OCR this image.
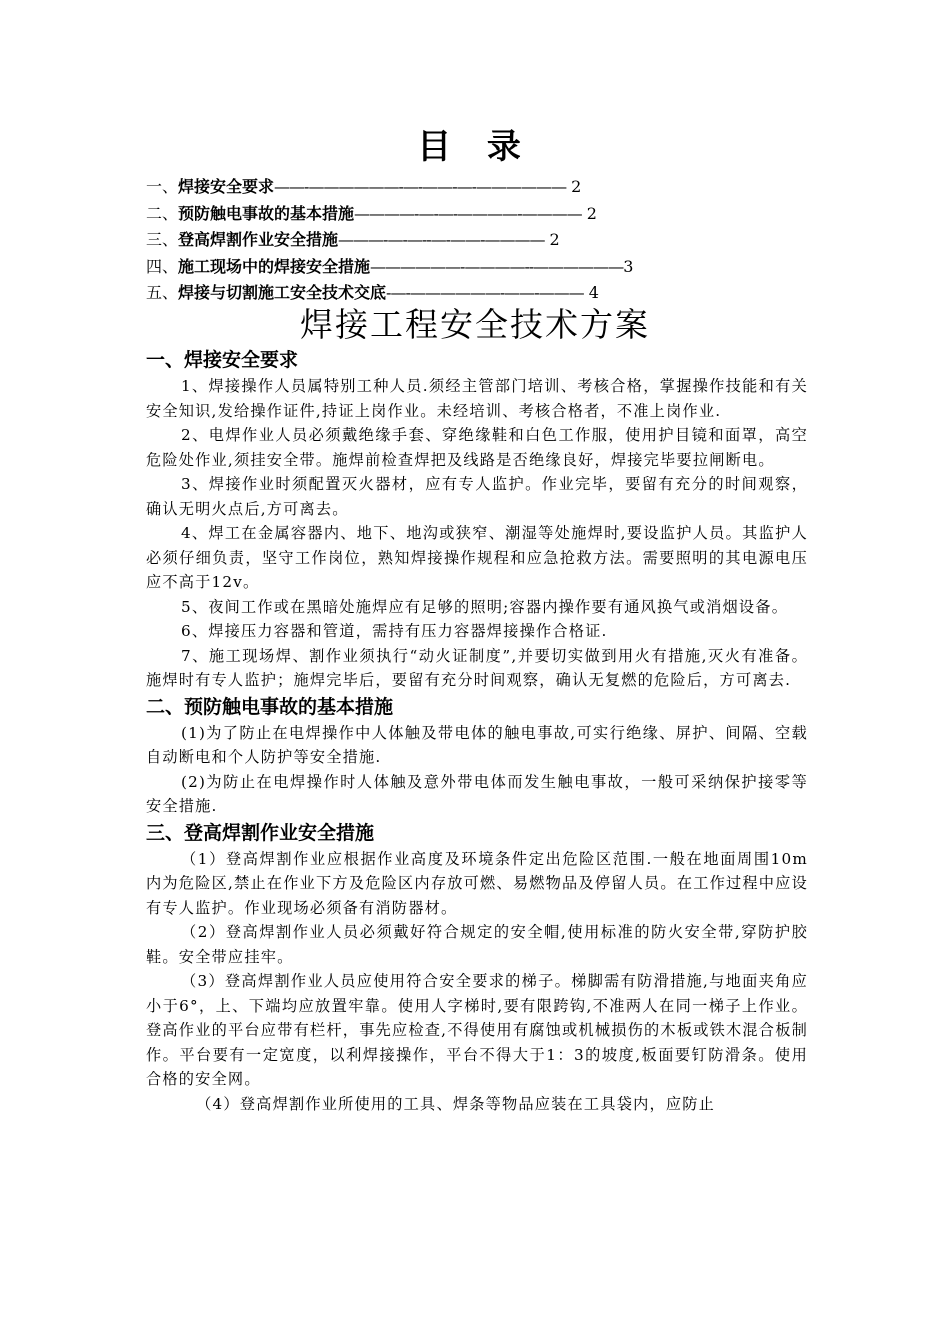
目 录
一、焊接安全要求——-——————-—-——-—-—————— 2
二、预防触电事故的基本措施————-—-—-————-———— 2
三、登高焊割作业安全措施———-—-—--—-——-———— 2
四、施工现场中的焊接安全措施——————-————--——————3
五、焊接与切割施工安全技术交底-—-——————-——-——— 4
焊接工程安全技术方案
一、焊接安全要求

1、焊接操作人员属特别工种人员.须经主管部门培训、考核合格，掌握操作技能和有关安全知识,发给操作证件,持证上岗作业。未经培训、考核合格者，不准上岗作业.

2、电焊作业人员必须戴绝缘手套、穿绝缘鞋和白色工作服，使用护目镜和面罩，高空危险处作业,须挂安全带。施焊前检查焊把及线路是否绝缘良好，焊接完毕要拉闸断电。

3、焊接作业时须配置灭火器材，应有专人监护。作业完毕，要留有充分的时间观察，确认无明火点后,方可离去。

4、焊工在金属容器内、地下、地沟或狭窄、潮湿等处施焊时,要设监护人员。其监护人必须仔细负责，坚守工作岗位，熟知焊接操作规程和应急抢救方法。需要照明的其电源电压应不高于12v。

5、夜间工作或在黑暗处施焊应有足够的照明;容器内操作要有通风换气或消烟设备。

6、焊接压力容器和管道，需持有压力容器焊接操作合格证.

7、施工现场焊、割作业须执行“动火证制度”,并要切实做到用火有措施,灭火有准备。施焊时有专人监护；施焊完毕后，要留有充分时间观察，确认无复燃的危险后，方可离去.

二、预防触电事故的基本措施

(1)为了防止在电焊操作中人体触及带电体的触电事故,可实行绝缘、屏护、间隔、空载自动断电和个人防护等安全措施.

(2)为防止在电焊操作时人体触及意外带电体而发生触电事故，一般可采纳保护接零等安全措施.

三、登高焊割作业安全措施

（1）登高焊割作业应根据作业高度及环境条件定出危险区范围.一般在地面周围10m内为危险区,禁止在作业下方及危险区内存放可燃、易燃物品及停留人员。在工作过程中应设有专人监护。作业现场必须备有消防器材。

（2）登高焊割作业人员必须戴好符合规定的安全帽,使用标准的防火安全带,穿防护胶鞋。安全带应挂牢。

（3）登高焊割作业人员应使用符合安全要求的梯子。梯脚需有防滑措施,与地面夹角应小于6°，上、下端均应放置牢靠。使用人字梯时,要有限跨钩,不准两人在同一梯子上作业。登高作业的平台应带有栏杆，事先应检查,不得使用有腐蚀或机械损伤的木板或铁木混合板制作。平台要有一定宽度，以利焊接操作，平台不得大于1：3的坡度,板面要钉防滑条。使用合格的安全网。

（4）登高焊割作业所使用的工具、焊条等物品应装在工具袋内，应防止
